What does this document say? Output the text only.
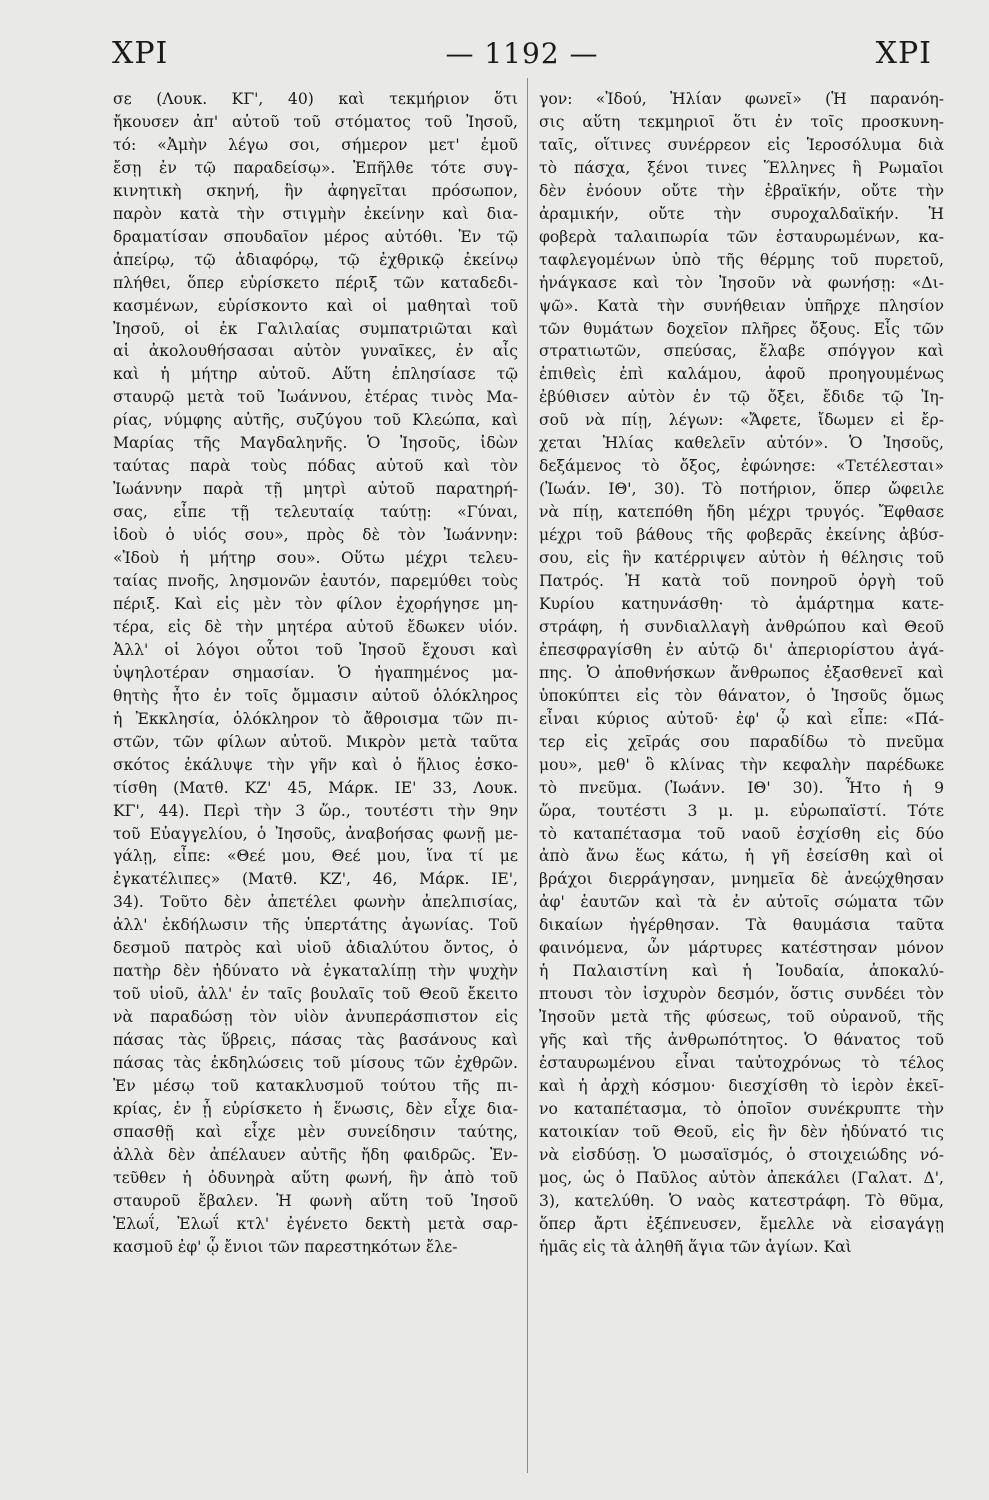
ΧΡΙ	— 1192 —	ΧΡΙ
σε (Λουκ. ΚΓ', 40) καὶ τεκμήριον ὅτι
ἤκουσεν ἀπ' αὐτοῦ τοῦ στόματος τοῦ Ἰησοῦ,
τό: «Ἀμὴν λέγω σοι, σήμερον μετ' ἐμοῦ
ἔσῃ ἐν τῷ παραδείσῳ». Ἐπῆλθε τότε συγ-
κινητικὴ σκηνή, ἣν ἀφηγεῖται πρόσωπον,
παρὸν κατὰ τὴν στιγμὴν ἐκείνην καὶ δια-
δραματίσαν σπουδαῖον μέρος αὐτόθι. Ἐν τῷ
ἀπείρῳ, τῷ ἀδιαφόρῳ, τῷ ἐχθρικῷ ἐκείνῳ
πλήθει, ὅπερ εὑρίσκετο πέριξ τῶν καταδεδι-
κασμένων, εὑρίσκοντο καὶ οἱ μαθηταὶ τοῦ
Ἰησοῦ, οἱ ἐκ Γαλιλαίας συμπατριῶται καὶ
αἱ ἀκολουθήσασαι αὐτὸν γυναῖκες, ἐν αἷς
καὶ ἡ μήτηρ αὐτοῦ. Αὕτη ἐπλησίασε τῷ
σταυρῷ μετὰ τοῦ Ἰωάννου, ἑτέρας τινὸς Μα-
ρίας, νύμφης αὐτῆς, συζύγου τοῦ Κλεώπα, καὶ
Μαρίας τῆς Μαγδαληνῆς. Ὁ Ἰησοῦς, ἰδὼν
ταύτας παρὰ τοὺς πόδας αὐτοῦ καὶ τὸν
Ἰωάννην παρὰ τῇ μητρὶ αὐτοῦ παρατηρή-
σας, εἶπε τῇ τελευταίᾳ ταύτῃ: «Γύναι,
ἰδοὺ ὁ υἱός σου», πρὸς δὲ τὸν Ἰωάννην:
«Ἰδοὺ ἡ μήτηρ σου». Οὕτω μέχρι τελευ-
ταίας πνοῆς, λησμονῶν ἑαυτόν, παρεμύθει τοὺς
πέριξ. Καὶ εἰς μὲν τὸν φίλον ἐχορήγησε μη-
τέρα, εἰς δὲ τὴν μητέρα αὐτοῦ ἔδωκεν υἱόν.
Ἀλλ' οἱ λόγοι οὗτοι τοῦ Ἰησοῦ ἔχουσι καὶ
ὑψηλοτέραν σημασίαν. Ὁ ἠγαπημένος μα-
θητὴς ἦτο ἐν τοῖς ὄμμασιν αὐτοῦ ὁλόκληρος
ἡ Ἐκκλησία, ὁλόκληρον τὸ ἄθροισμα τῶν πι-
στῶν, τῶν φίλων αὐτοῦ. Μικρὸν μετὰ ταῦτα
σκότος ἐκάλυψε τὴν γῆν καὶ ὁ ἥλιος ἐσκο-
τίσθη (Ματθ. ΚΖ' 45, Μάρκ. ΙΕ' 33, Λουκ.
ΚΓ', 44). Περὶ τὴν 3 ὥρ., τουτέστι τὴν 9ην
τοῦ Εὐαγγελίου, ὁ Ἰησοῦς, ἀναβοήσας φωνῇ με-
γάλῃ, εἶπε: «Θεέ μου, Θεέ μου, ἵνα τί με
ἐγκατέλιπες» (Ματθ. ΚΖ', 46, Μάρκ. ΙΕ',
34). Τοῦτο δὲν ἀπετέλει φωνὴν ἀπελπισίας,
ἀλλ' ἐκδήλωσιν τῆς ὑπερτάτης ἀγωνίας. Τοῦ
δεσμοῦ πατρὸς καὶ υἱοῦ ἀδιαλύτου ὄντος, ὁ
πατὴρ δὲν ἠδύνατο νὰ ἐγκαταλίπῃ τὴν ψυχὴν
τοῦ υἱοῦ, ἀλλ' ἐν ταῖς βουλαῖς τοῦ Θεοῦ ἔκειτο
νὰ παραδώσῃ τὸν υἱὸν ἀνυπεράσπιστον εἰς
πάσας τὰς ὕβρεις, πάσας τὰς βασάνους καὶ
πάσας τὰς ἐκδηλώσεις τοῦ μίσους τῶν ἐχθρῶν.
Ἐν μέσῳ τοῦ κατακλυσμοῦ τούτου τῆς πι-
κρίας, ἐν ᾗ εὑρίσκετο ἡ ἕνωσις, δὲν εἶχε δια-
σπασθῇ καὶ εἶχε μὲν συνείδησιν ταύτης,
ἀλλὰ δὲν ἀπέλαυεν αὐτῆς ἤδη φαιδρῶς. Ἐν-
τεῦθεν ἡ ὀδυνηρὰ αὕτη φωνή, ἣν ἀπὸ τοῦ
σταυροῦ ἔβαλεν. Ἡ φωνὴ αὕτη τοῦ Ἰησοῦ
Ἐλωΐ, Ἐλωΐ κτλ' ἐγένετο δεκτὴ μετὰ σαρ-
κασμοῦ ἐφ' ᾧ ἔνιοι τῶν παρεστηκότων ἔλε-
γον: «Ἰδού, Ἠλίαν φωνεῖ» (Ἡ παρανόη-
σις αὕτη τεκμηριοῖ ὅτι ἐν τοῖς προσκυνη-
ταῖς, οἵτινες συνέρρεον εἰς Ἱεροσόλυμα διὰ
τὸ πάσχα, ξένοι τινες Ἕλληνες ἢ Ρωμαῖοι
δὲν ἐνόουν οὔτε τὴν ἑβραϊκήν, οὔτε τὴν
ἀραμικήν, οὔτε τὴν συροχαλδαϊκήν. Ἡ
φοβερὰ ταλαιπωρία τῶν ἐσταυρωμένων, κα-
ταφλεγομένων ὑπὸ τῆς θέρμης τοῦ πυρετοῦ,
ἠνάγκασε καὶ τὸν Ἰησοῦν νὰ φωνήσῃ: «Δι-
ψῶ». Κατὰ τὴν συνήθειαν ὑπῆρχε πλησίον
τῶν θυμάτων δοχεῖον πλῆρες ὄξους. Εἷς τῶν
στρατιωτῶν, σπεύσας, ἔλαβε σπόγγον καὶ
ἐπιθεὶς ἐπὶ καλάμου, ἀφοῦ προηγουμένως
ἐβύθισεν αὐτὸν ἐν τῷ ὄξει, ἔδιδε τῷ Ἰη-
σοῦ νὰ πίῃ, λέγων: «Ἄφετε, ἴδωμεν εἰ ἔρ-
χεται Ἠλίας καθελεῖν αὐτόν». Ὁ Ἰησοῦς,
δεξάμενος τὸ ὄξος, ἐφώνησε: «Τετέλεσται»
(Ἰωάν. ΙΘ', 30). Τὸ ποτήριον, ὅπερ ὤφειλε
νὰ πίῃ, κατεπόθη ἤδη μέχρι τρυγός. Ἔφθασε
μέχρι τοῦ βάθους τῆς φοβερᾶς ἐκείνης ἀβύσ-
σου, εἰς ἣν κατέρριψεν αὐτὸν ἡ θέλησις τοῦ
Πατρός. Ἡ κατὰ τοῦ πονηροῦ ὀργὴ τοῦ
Κυρίου κατηυνάσθη· τὸ ἁμάρτημα κατε-
στράφη, ἡ συνδιαλλαγὴ ἀνθρώπου καὶ Θεοῦ
ἐπεσφραγίσθη ἐν αὐτῷ δι' ἀπεριορίστου ἀγά-
πης. Ὁ ἀποθνήσκων ἄνθρωπος ἐξασθενεῖ καὶ
ὑποκύπτει εἰς τὸν θάνατον, ὁ Ἰησοῦς ὅμως
εἶναι κύριος αὐτοῦ· ἐφ' ᾧ καὶ εἶπε: «Πά-
τερ εἰς χεῖράς σου παραδίδω τὸ πνεῦμα
μου», μεθ' ὃ κλίνας τὴν κεφαλὴν παρέδωκε
τὸ πνεῦμα. (Ἰωάνν. ΙΘ' 30). Ἦτο ἡ 9
ὥρα, τουτέστι 3 μ. μ. εὐρωπαϊστί. Τότε
τὸ καταπέτασμα τοῦ ναοῦ ἐσχίσθη εἰς δύο
ἀπὸ ἄνω ἕως κάτω, ἡ γῆ ἐσείσθη καὶ οἱ
βράχοι διερράγησαν, μνημεῖα δὲ ἀνεῴχθησαν
ἀφ' ἑαυτῶν καὶ τὰ ἐν αὐτοῖς σώματα τῶν
δικαίων ἠγέρθησαν. Τὰ θαυμάσια ταῦτα
φαινόμενα, ὧν μάρτυρες κατέστησαν μόνον
ἡ Παλαιστίνη καὶ ἡ Ἰουδαία, ἀποκαλύ-
πτουσι τὸν ἰσχυρὸν δεσμόν, ὅστις συνδέει τὸν
Ἰησοῦν μετὰ τῆς φύσεως, τοῦ οὐρανοῦ, τῆς
γῆς καὶ τῆς ἀνθρωπότητος. Ὁ θάνατος τοῦ
ἐσταυρωμένου εἶναι ταὐτοχρόνως τὸ τέλος
καὶ ἡ ἀρχὴ κόσμου· διεσχίσθη τὸ ἱερὸν ἐκεῖ-
νο καταπέτασμα, τὸ ὁποῖον συνέκρυπτε τὴν
κατοικίαν τοῦ Θεοῦ, εἰς ἣν δὲν ἠδύνατό τις
νὰ εἰσδύσῃ. Ὁ μωσαϊσμός, ὁ στοιχειώδης νό-
μος, ὡς ὁ Παῦλος αὐτὸν ἀπεκάλει (Γαλατ. Δ',
3), κατελύθη. Ὁ ναὸς κατεστράφη. Τὸ θῦμα,
ὅπερ ἄρτι ἐξέπνευσεν, ἔμελλε νὰ εἰσαγάγῃ
ἡμᾶς εἰς τὰ ἀληθῆ ἅγια τῶν ἁγίων. Καὶ
